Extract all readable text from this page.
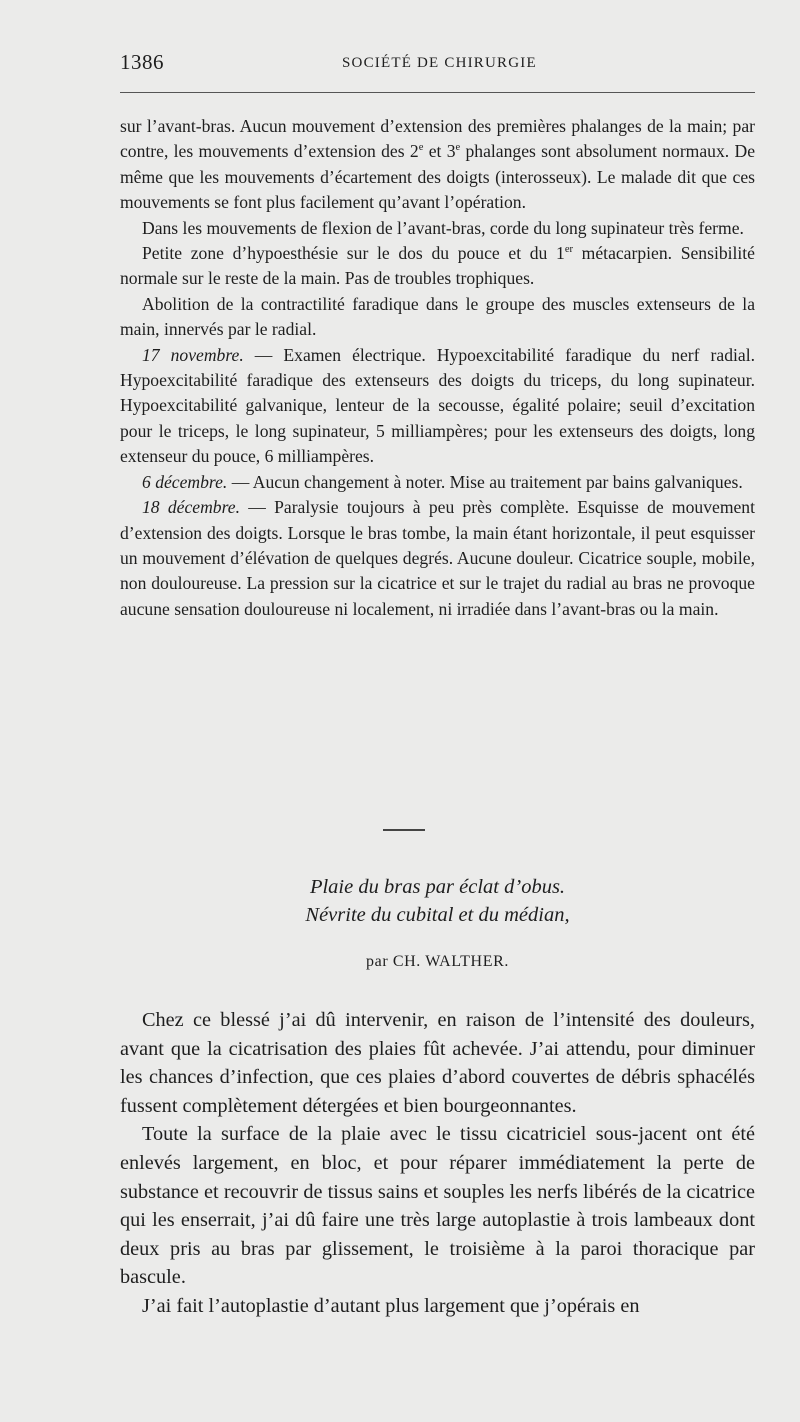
1386	SOCIÉTÉ DE CHIRURGIE

sur l’avant-bras. Aucun mouvement d’extension des premières phalanges de la main; par contre, les mouvements d’extension des 2e et 3e phalanges sont absolument normaux. De même que les mouvements d’écartement des doigts (interosseux). Le malade dit que ces mouvements se font plus facilement qu’avant l’opération.

Dans les mouvements de flexion de l’avant-bras, corde du long supinateur très ferme.

Petite zone d’hypoesthésie sur le dos du pouce et du 1er métacarpien. Sensibilité normale sur le reste de la main. Pas de troubles trophiques.

Abolition de la contractilité faradique dans le groupe des muscles extenseurs de la main, innervés par le radial.

17 novembre. — Examen électrique. Hypoexcitabilité faradique du nerf radial. Hypoexcitabilité faradique des extenseurs des doigts du triceps, du long supinateur. Hypoexcitabilité galvanique, lenteur de la secousse, égalité polaire; seuil d’excitation pour le triceps, le long supinateur, 5 milliampères; pour les extenseurs des doigts, long extenseur du pouce, 6 milliampères.

6 décembre. — Aucun changement à noter. Mise au traitement par bains galvaniques.

18 décembre. — Paralysie toujours à peu près complète. Esquisse de mouvement d’extension des doigts. Lorsque le bras tombe, la main étant horizontale, il peut esquisser un mouvement d’élévation de quelques degrés. Aucune douleur. Cicatrice souple, mobile, non douloureuse. La pression sur la cicatrice et sur le trajet du radial au bras ne provoque aucune sensation douloureuse ni localement, ni irradiée dans l’avant-bras ou la main.

Plaie du bras par éclat d’obus.
Névrite du cubital et du médian,
par CH. WALTHER.

Chez ce blessé j’ai dû intervenir, en raison de l’intensité des douleurs, avant que la cicatrisation des plaies fût achevée. J’ai attendu, pour diminuer les chances d’infection, que ces plaies d’abord couvertes de débris sphacélés fussent complètement détergées et bien bourgeonnantes.

Toute la surface de la plaie avec le tissu cicatriciel sous-jacent ont été enlevés largement, en bloc, et pour réparer immédiatement la perte de substance et recouvrir de tissus sains et souples les nerfs libérés de la cicatrice qui les enserrait, j’ai dû faire une très large autoplastie à trois lambeaux dont deux pris au bras par glissement, le troisième à la paroi thoracique par bascule.

J’ai fait l’autoplastie d’autant plus largement que j’opérais en
